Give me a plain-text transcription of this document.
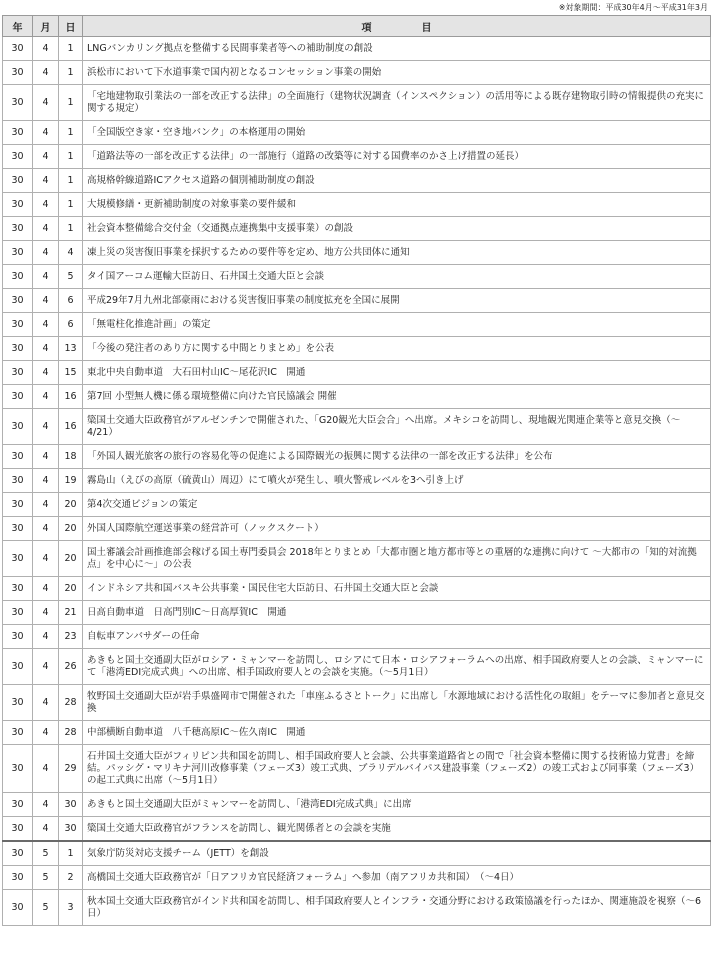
※対象期間：平成30年4月〜平成31年3月
年	月	日	項　　　　　目
30	4	1	LNGバンカリング拠点を整備する民間事業者等への補助制度の創設
30	4	1	浜松市において下水道事業で国内初となるコンセッション事業の開始
30	4	1	「宅地建物取引業法の一部を改正する法律」の全面施行（建物状況調査（インスペクション）の活用等による既存建物取引時の情報提供の充実に関する規定）
30	4	1	「全国版空き家・空き地バンク」の本格運用の開始
30	4	1	「道路法等の一部を改正する法律」の一部施行（道路の改築等に対する国費率のかさ上げ措置の延長）
30	4	1	高規格幹線道路ICアクセス道路の個別補助制度の創設
30	4	1	大規模修繕・更新補助制度の対象事業の要件緩和
30	4	1	社会資本整備総合交付金（交通拠点連携集中支援事業）の創設
30	4	4	凍上災の災害復旧事業を採択するための要件等を定め、地方公共団体に通知
30	4	5	タイ国アーコム運輸大臣訪日、石井国土交通大臣と会談
30	4	6	平成29年7月九州北部豪雨における災害復旧事業の制度拡充を全国に展開
30	4	6	「無電柱化推進計画」の策定
30	4	13	「今後の発注者のあり方に関する中間とりまとめ」を公表
30	4	15	東北中央自動車道　大石田村山IC〜尾花沢IC　開通
30	4	16	第7回 小型無人機に係る環境整備に向けた官民協議会 開催
30	4	16	簗国土交通大臣政務官がアルゼンチンで開催された、「G20観光大臣会合」へ出席。メキシコを訪問し、現地観光関連企業等と意見交換（〜4/21）
30	4	18	「外国人観光旅客の旅行の容易化等の促進による国際観光の振興に関する法律の一部を改正する法律」を公布
30	4	19	霧島山（えびの高原（硫黄山）周辺）にて噴火が発生し、噴火警戒レベルを3へ引き上げ
30	4	20	第4次交通ビジョンの策定
30	4	20	外国人国際航空運送事業の経営許可（ノックスクート）
30	4	20	国土審議会計画推進部会稼げる国土専門委員会 2018年とりまとめ「大都市圏と地方都市等との重層的な連携に向けて 〜大都市の「知的対流拠点」を中心に〜」の公表
30	4	20	インドネシア共和国バスキ公共事業・国民住宅大臣訪日、石井国土交通大臣と会談
30	4	21	日高自動車道　日高門別IC〜日高厚賀IC　開通
30	4	23	自転車アンバサダーの任命
30	4	26	あきもと国土交通副大臣がロシア・ミャンマーを訪問し、ロシアにて日本・ロシアフォーラムへの出席、相手国政府要人との会談、ミャンマーにて「港湾EDI完成式典」への出席、相手国政府要人との会談を実施。（〜5月1日）
30	4	28	牧野国土交通副大臣が岩手県盛岡市で開催された「車座ふるさとトーク」に出席し「水源地域における活性化の取組」をテーマに参加者と意見交換
30	4	28	中部横断自動車道　八千穂高原IC〜佐久南IC　開通
30	4	29	石井国土交通大臣がフィリピン共和国を訪問し、相手国政府要人と会談、公共事業道路省との間で「社会資本整備に関する技術協力覚書」を締結。パッシグ・マリキナ河川改修事業（フェーズ3）竣工式典、ブラリデルバイパス建設事業（フェーズ2）の竣工式および同事業（フェーズ3）の起工式典に出席（〜5月1日）
30	4	30	あきもと国土交通副大臣がミャンマーを訪問し、「港湾EDI完成式典」に出席
30	4	30	簗国土交通大臣政務官がフランスを訪問し、観光関係者との会談を実施
30	5	1	気象庁防災対応支援チーム（JETT）を創設
30	5	2	高橋国土交通大臣政務官が「日アフリカ官民経済フォーラム」へ参加（南アフリカ共和国）　（〜4日）
30	5	3	秋本国土交通大臣政務官がインド共和国を訪問し、相手国政府要人とインフラ・交通分野における政策協議を行ったほか、関連施設を視察（〜6日）
